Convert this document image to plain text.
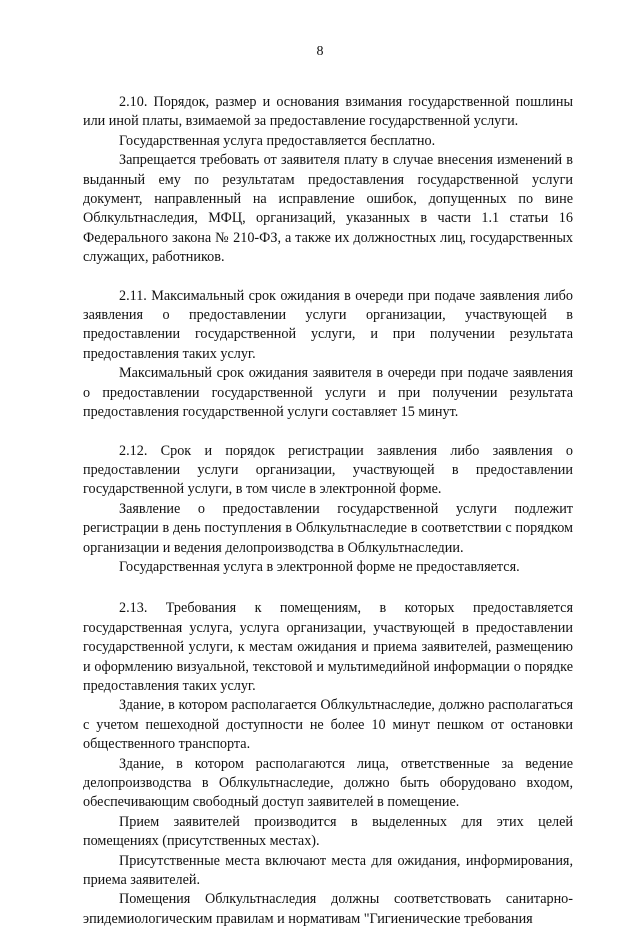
8

2.10. Порядок, размер и основания взимания государственной пошлины или иной платы, взимаемой за предоставление государственной услуги.

Государственная услуга предоставляется бесплатно.

Запрещается требовать от заявителя плату в случае внесения изменений в выданный ему по результатам предоставления государственной услуги документ, направленный на исправление ошибок, допущенных по вине Облкультнаследия, МФЦ, организаций, указанных в части 1.1 статьи 16 Федерального закона № 210-ФЗ, а также их должностных лиц, государственных служащих, работников.

2.11. Максимальный срок ожидания в очереди при подаче заявления либо заявления о предоставлении услуги организации, участвующей в предоставлении государственной услуги, и при получении результата предоставления таких услуг.

Максимальный срок ожидания заявителя в очереди при подаче заявления о предоставлении государственной услуги и при получении результата предоставления государственной услуги составляет 15 минут.

2.12. Срок и порядок регистрации заявления либо заявления о предоставлении услуги организации, участвующей в предоставлении государственной услуги, в том числе в электронной форме.

Заявление о предоставлении государственной услуги подлежит регистрации в день поступления в Облкультнаследие в соответствии с порядком организации и ведения делопроизводства в Облкультнаследии.

Государственная услуга в электронной форме не предоставляется.

2.13. Требования к помещениям, в которых предоставляется государственная услуга, услуга организации, участвующей в предоставлении государственной услуги, к местам ожидания и приема заявителей, размещению и оформлению визуальной, текстовой и мультимедийной информации о порядке предоставления таких услуг.

Здание, в котором располагается Облкультнаследие, должно располагаться с учетом пешеходной доступности не более 10 минут пешком от остановки общественного транспорта.

Здание, в котором располагаются лица, ответственные за ведение делопроизводства в Облкультнаследие, должно быть оборудовано входом, обеспечивающим свободный доступ заявителей в помещение.

Прием заявителей производится в выделенных для этих целей помещениях (присутственных местах).

Присутственные места включают места для ожидания, информирования, приема заявителей.

Помещения Облкультнаследия должны соответствовать санитарно-эпидемиологическим правилам и нормативам "Гигиенические требования
